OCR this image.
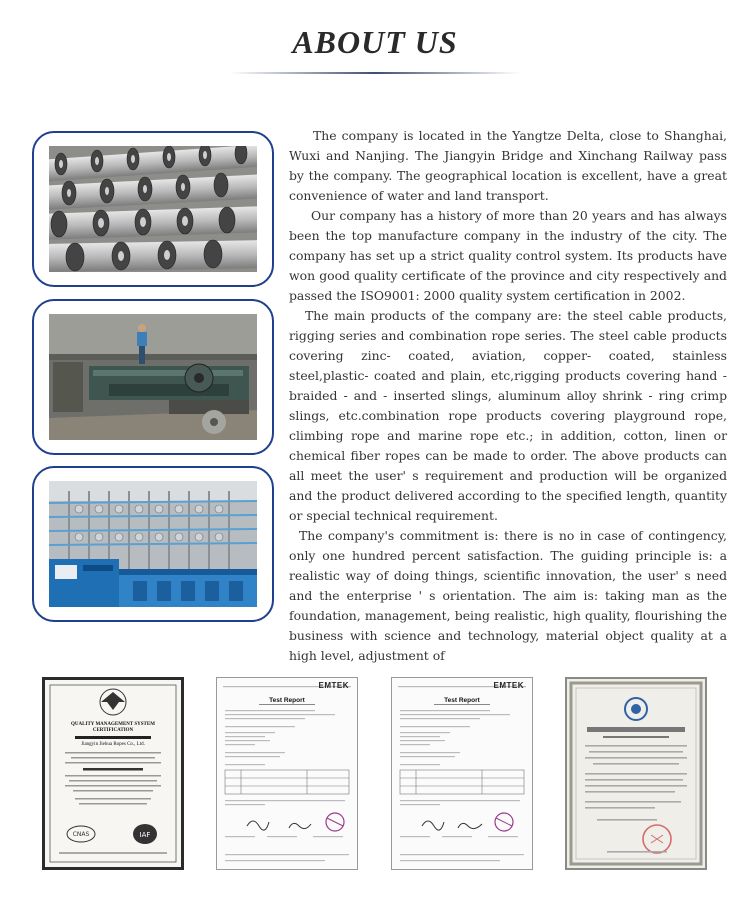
ABOUT US

The company is located in the Yangtze Delta, close to Shanghai, Wuxi and Nanjing. The Jiangyin Bridge and Xinchang Railway pass by the company. The geographical location is excellent, have a great convenience of water and land transport.

Our company has a history of more than 20 years and has always been the top manufacture company in the industry of the city. The company has set up a strict quality control system. Its products have won good quality certificate of the province and city respectively and passed the ISO9001: 2000 quality system certification in 2002.

The main products of the company are: the steel cable products, rigging series and combination rope series. The steel cable products covering zinc- coated, aviation, copper- coated, stainless steel,plastic- coated and plain, etc,rigging products covering hand - braided - and - inserted slings, aluminum alloy shrink - ring crimp slings, etc.combination rope products covering playground rope, climbing rope and marine rope etc.; in addition, cotton, linen or chemical fiber ropes can be made to order. The above products can all meet the user' s requirement and production will be organized and the product delivered according to the specified length, quantity or special technical requirement.

The company's commitment is: there is no in case of contingency, only one hundred percent satisfaction. The guiding principle is: a realistic way of doing things, scientific innovation, the user' s need and the enterprise ' s orientation. The aim is: taking man as the foundation, management, being realistic, high quality, flourishing the business with science and technology, material object quality at a high level, adjustment of

CNAS	IAF
QUALITY MANAGEMENT SYSTEM CERTIFICATION
Jiangyin Jiehua Ropes Co., Ltd.
EMTEK
Test Report
EMTEK
Test Report
